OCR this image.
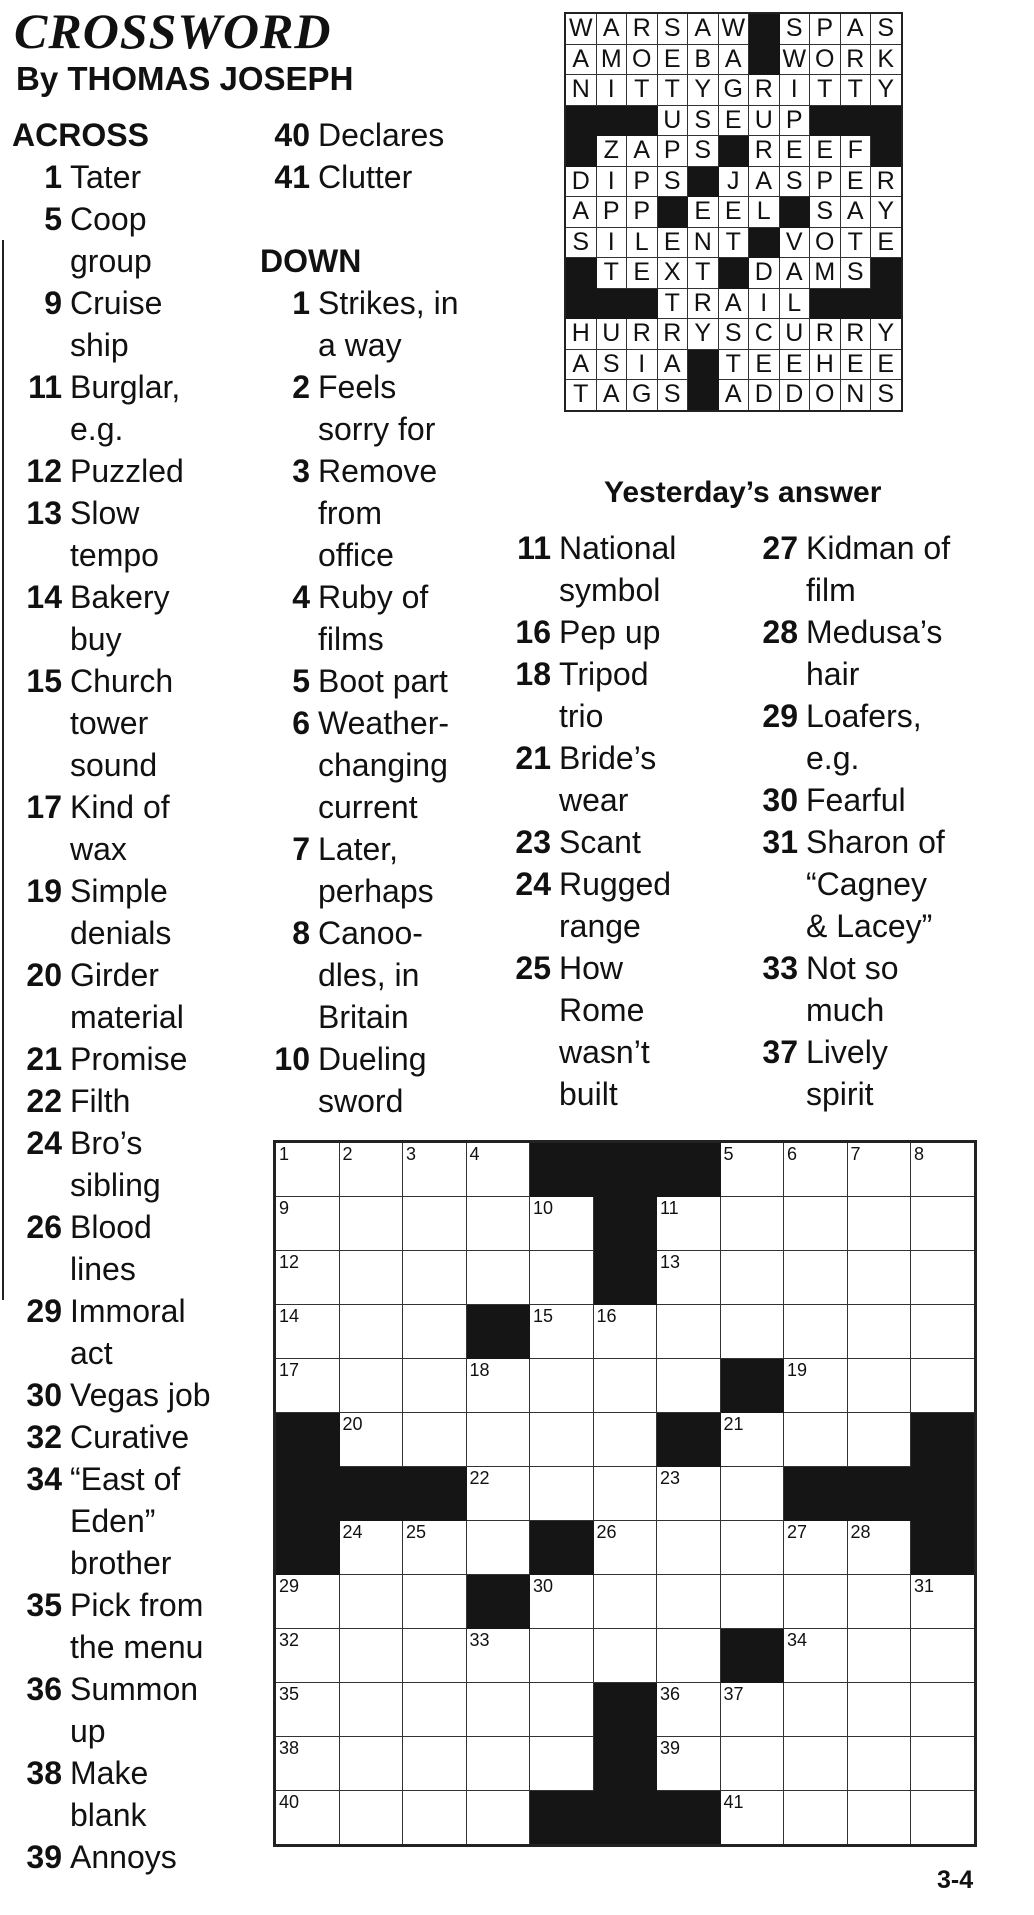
CROSSWORD
By THOMAS JOSEPH
ACROSS
1 Tater
5 Coop
group
9 Cruise
ship
11 Burglar,
e.g.
12 Puzzled
13 Slow
tempo
14 Bakery
buy
15 Church
tower
sound
17 Kind of
wax
19 Simple
denials
20 Girder
material
21 Promise
22 Filth
24 Bro’s
sibling
26 Blood
lines
29 Immoral
act
30 Vegas job
32 Curative
34 “East of
Eden”
brother
35 Pick from
the menu
36 Summon
up
38 Make
blank
39 Annoys
40 Declares
41 Clutter
DOWN
1 Strikes, in
a way
2 Feels
sorry for
3 Remove
from
office
4 Ruby of
films
5 Boot part
6 Weather-
changing
current
7 Later,
perhaps
8 Canoo-
dles, in
Britain
10 Dueling
sword
11 National
symbol
16 Pep up
18 Tripod
trio
21 Bride’s
wear
23 Scant
24 Rugged
range
25 How
Rome
wasn’t
built
27 Kidman of
film
28 Medusa’s
hair
29 Loafers,
e.g.
30 Fearful
31 Sharon of
“Cagney
& Lacey”
33 Not so
much
37 Lively
spirit
W	A	R	S	A	W		S	P	A	S
A	M	O	E	B	A		W	O	R	K
N	I	T	T	Y	G	R	I	T	T	Y
			U	S	E	U	P			
	Z	A	P	S		R	E	E	F	
D	I	P	S		J	A	S	P	E	R
A	P	P		E	E	L		S	A	Y
S	I	L	E	N	T		V	O	T	E
	T	E	X	T		D	A	M	S	
			T	R	A	I	L			
H	U	R	R	Y	S	C	U	R	R	Y
A	S	I	A		T	E	E	H	E	E
T	A	G	S		A	D	D	O	N	S
Yesterday’s answer
1	2	3	4				5	6	7	8

9				10		11				

12						13				

14				15	16					

17			18					19		

	20						21			

			22			23				

	24	25			26			27	28	

29				30						31

32			33					34		

35						36	37			

38						39				

40							41			

3-4
